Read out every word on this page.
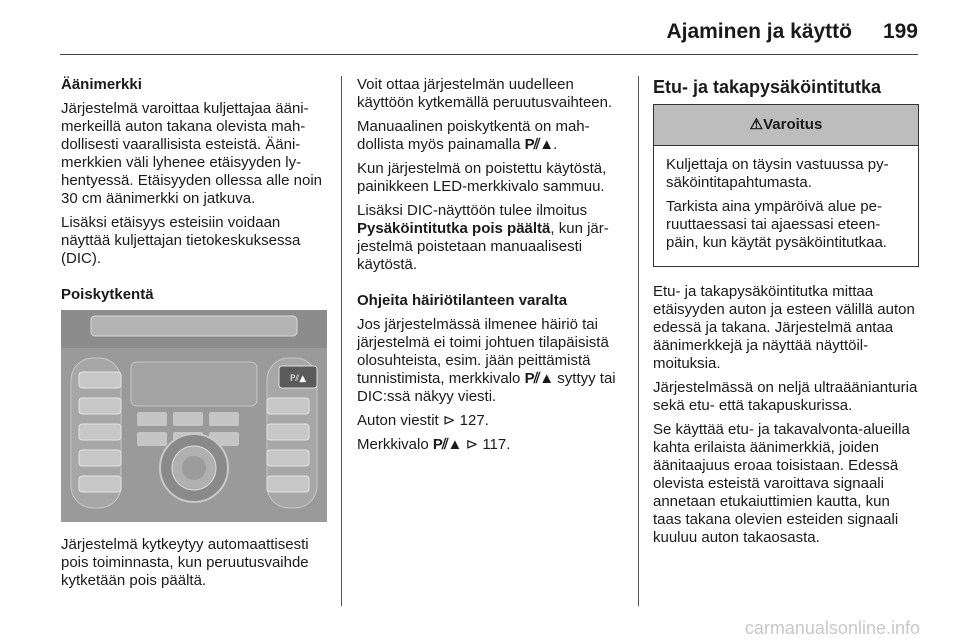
Ajaminen ja käyttö 199

Äänimerkki

Järjestelmä varoittaa kuljettajaa äänimerkeillä auton takana olevista mahdollisesti vaarallisista esteistä. Äänimerkkien väli lyhenee etäisyyden lyhentyessä. Etäisyyden ollessa alle noin 30 cm äänimerkki on jatkuva.

Lisäksi etäisyys esteisiin voidaan näyttää kuljettajan tietokeskuksessa (DIC).

Poiskytkentä

P⫽▲

Järjestelmä kytkeytyy automaattisesti pois toiminnasta, kun peruutusvaihde kytketään pois päältä.

Voit ottaa järjestelmän uudelleen käyttöön kytkemällä peruutusvaihteen.

Manuaalinen poiskytkentä on mahdollista myös painamalla P⫽▲.

Kun järjestelmä on poistettu käytöstä, painikkeen LED-merkkivalo sammuu.

Lisäksi DIC-näyttöön tulee ilmoitus Pysäköintitutka pois päältä, kun järjestelmä poistetaan manuaalisesti käytöstä.

Ohjeita häiriötilanteen varalta

Jos järjestelmässä ilmenee häiriö tai järjestelmä ei toimi johtuen tilapäisistä olosuhteista, esim. jään peittämistä tunnistimista, merkkivalo P⫽▲ syttyy tai DIC:ssä näkyy viesti.

Auton viestit ⊳ 127.

Merkkivalo P⫽▲ ⊳ 117.

Etu- ja takapysäköintitutka

⚠Varoitus

Kuljettaja on täysin vastuussa pysäköintitapahtumasta.

Tarkista aina ympäröivä alue peruuttaessasi tai ajaessasi eteenpäin, kun käytät pysäköintitutkaa.

Etu- ja takapysäköintitutka mittaa etäisyyden auton ja esteen välillä auton edessä ja takana. Järjestelmä antaa äänimerkkejä ja näyttää näyttöilmoituksia.

Järjestelmässä on neljä ultraäänianturia sekä etu- että takapuskurissa.

Se käyttää etu- ja takavalvonta-alueilla kahta erilaista äänimerkkiä, joiden äänitaajuus eroaa toisistaan. Edessä olevista esteistä varoittava signaali annetaan etukaiuttimien kautta, kun taas takana olevien esteiden signaali kuuluu auton takaosasta.

carmanualsonline.info
